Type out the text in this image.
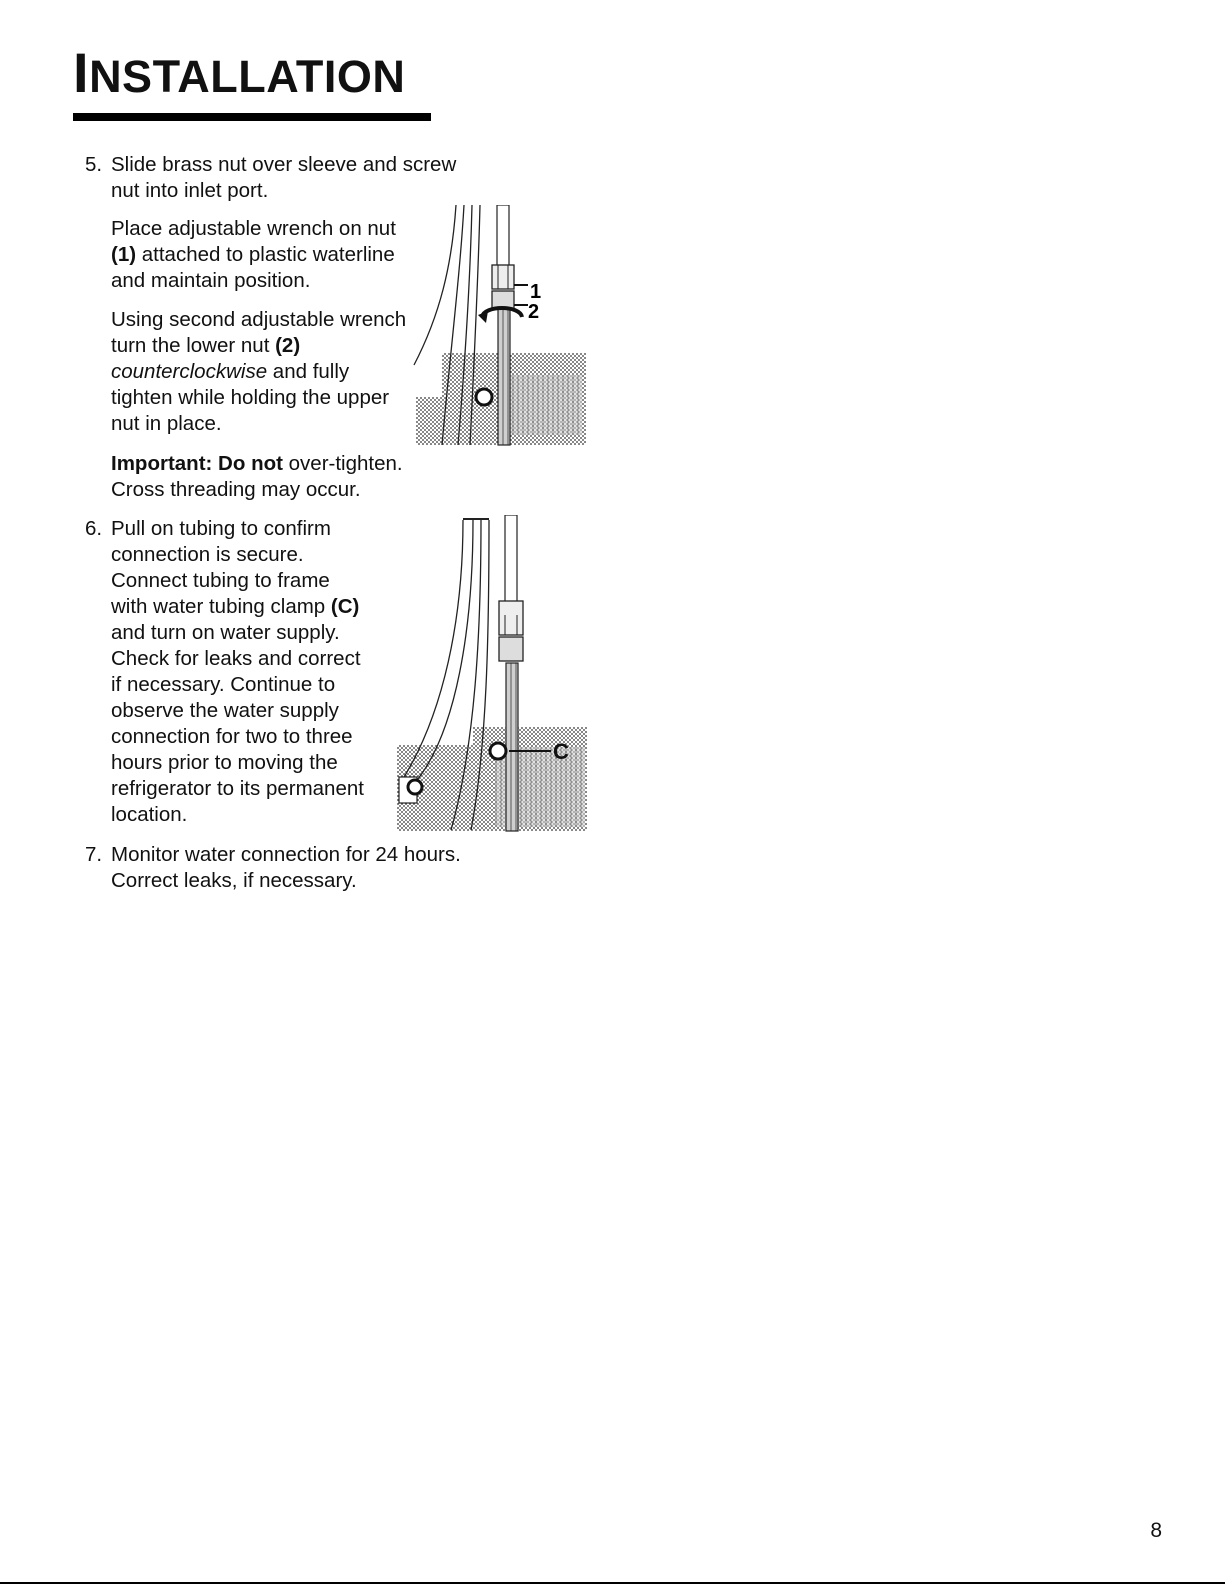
INSTALLATION
5. Slide brass nut over sleeve and screw

nut into inlet port.

Place adjustable wrench on nut

(1) attached to plastic waterline

and maintain position.

Using second adjustable wrench

turn the lower nut (2)

counterclockwise and fully

tighten while holding the upper

nut in place.

Important: Do not over-tighten.

Cross threading may occur.

6. Pull on tubing to confirm

connection is secure.

Connect tubing to frame

with water tubing clamp (C)

and turn on water supply.

Check for leaks and correct

if necessary. Continue to

observe the water supply

connection for two to three

hours prior to moving the

refrigerator to its permanent

location.

7. Monitor water connection for 24 hours.

Correct leaks, if necessary.

1
2
C
8
